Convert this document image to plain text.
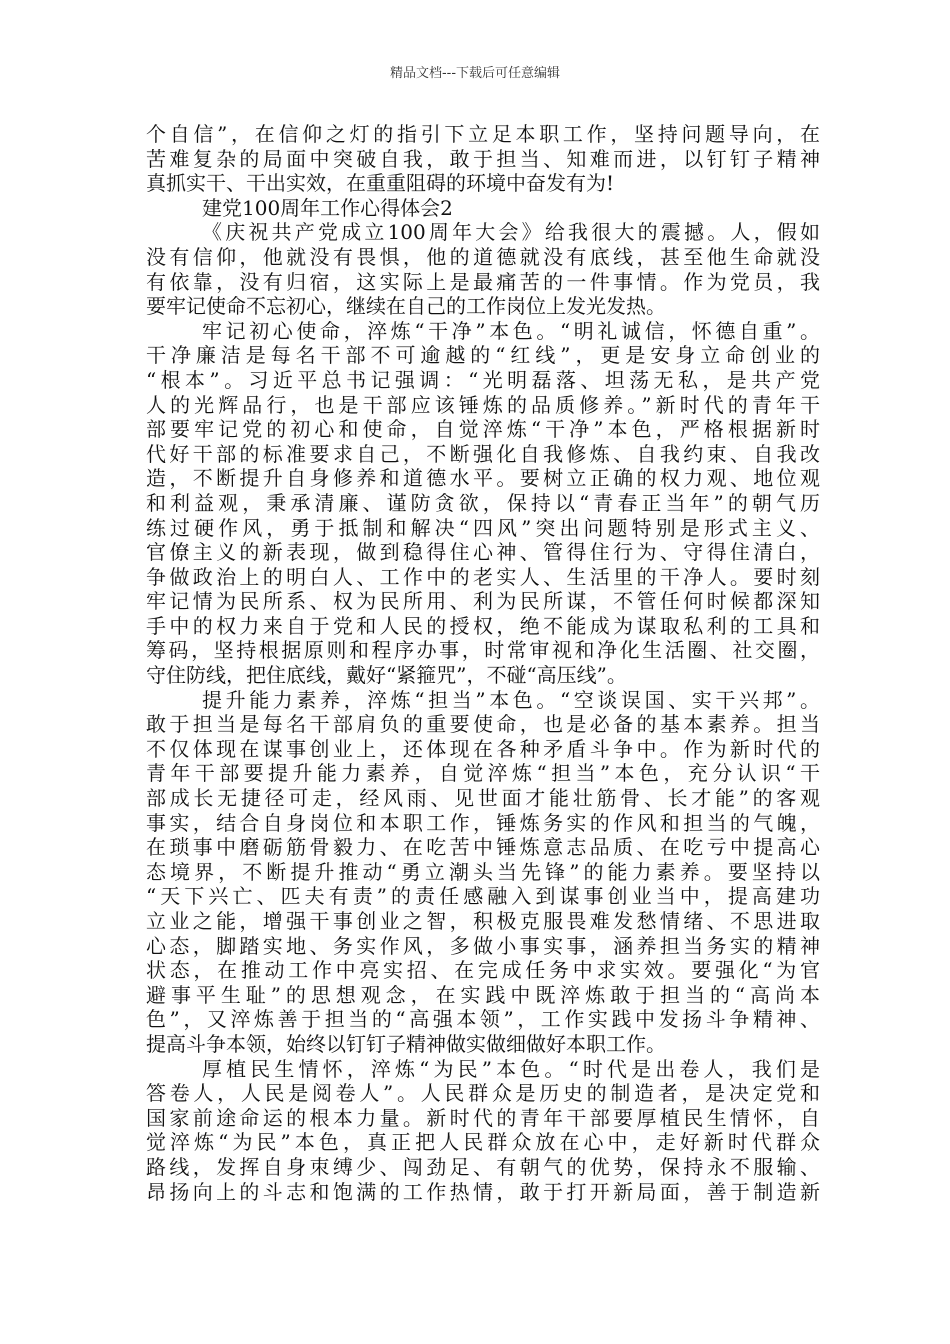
精品文档---下载后可任意编辑
个自信”，在信仰之灯的指引下立足本职工作，坚持问题导向，在
苦难复杂的局面中突破自我，敢于担当、知难而进，以钉钉子精神
真抓实干、干出实效，在重重阻碍的环境中奋发有为!
建党100周年工作心得体会2
《庆祝共产党成立100周年大会》给我很大的震撼。人，假如
没有信仰，他就没有畏惧，他的道德就没有底线，甚至他生命就没
有依靠，没有归宿，这实际上是最痛苦的一件事情。作为党员，我
要牢记使命不忘初心，继续在自己的工作岗位上发光发热。
牢记初心使命，淬炼“干净”本色。“明礼诚信，怀德自重”。
干净廉洁是每名干部不可逾越的“红线”，更是安身立命创业的
“根本”。习近平总书记强调：“光明磊落、坦荡无私，是共产党
人的光辉品行，也是干部应该锤炼的品质修养。”新时代的青年干
部要牢记党的初心和使命，自觉淬炼“干净”本色，严格根据新时
代好干部的标准要求自己，不断强化自我修炼、自我约束、自我改
造，不断提升自身修养和道德水平。要树立正确的权力观、地位观
和利益观，秉承清廉、谨防贪欲，保持以“青春正当年”的朝气历
练过硬作风，勇于抵制和解决“四风”突出问题特别是形式主义、
官僚主义的新表现，做到稳得住心神、管得住行为、守得住清白，
争做政治上的明白人、工作中的老实人、生活里的干净人。要时刻
牢记情为民所系、权为民所用、利为民所谋，不管任何时候都深知
手中的权力来自于党和人民的授权，绝不能成为谋取私利的工具和
筹码，坚持根据原则和程序办事，时常审视和净化生活圈、社交圈，
守住防线，把住底线，戴好“紧箍咒”，不碰“高压线”。
提升能力素养，淬炼“担当”本色。“空谈误国、实干兴邦”。
敢于担当是每名干部肩负的重要使命，也是必备的基本素养。担当
不仅体现在谋事创业上，还体现在各种矛盾斗争中。作为新时代的
青年干部要提升能力素养，自觉淬炼“担当”本色，充分认识“干
部成长无捷径可走，经风雨、见世面才能壮筋骨、长才能”的客观
事实，结合自身岗位和本职工作，锤炼务实的作风和担当的气魄，
在琐事中磨砺筋骨毅力、在吃苦中锤炼意志品质、在吃亏中提高心
态境界，不断提升推动“勇立潮头当先锋”的能力素养。要坚持以
“天下兴亡、匹夫有责”的责任感融入到谋事创业当中，提高建功
立业之能，增强干事创业之智，积极克服畏难发愁情绪、不思进取
心态，脚踏实地、务实作风，多做小事实事，涵养担当务实的精神
状态，在推动工作中亮实招、在完成任务中求实效。要强化“为官
避事平生耻”的思想观念，在实践中既淬炼敢于担当的“高尚本
色”，又淬炼善于担当的“高强本领”，工作实践中发扬斗争精神、
提高斗争本领，始终以钉钉子精神做实做细做好本职工作。
厚植民生情怀，淬炼“为民”本色。“时代是出卷人，我们是
答卷人，人民是阅卷人”。人民群众是历史的制造者，是决定党和
国家前途命运的根本力量。新时代的青年干部要厚植民生情怀，自
觉淬炼“为民”本色，真正把人民群众放在心中，走好新时代群众
路线，发挥自身朿缚少、闯劲足、有朝气的优势，保持永不服输、
昂扬向上的斗志和饱满的工作热情，敢于打开新局面，善于制造新
